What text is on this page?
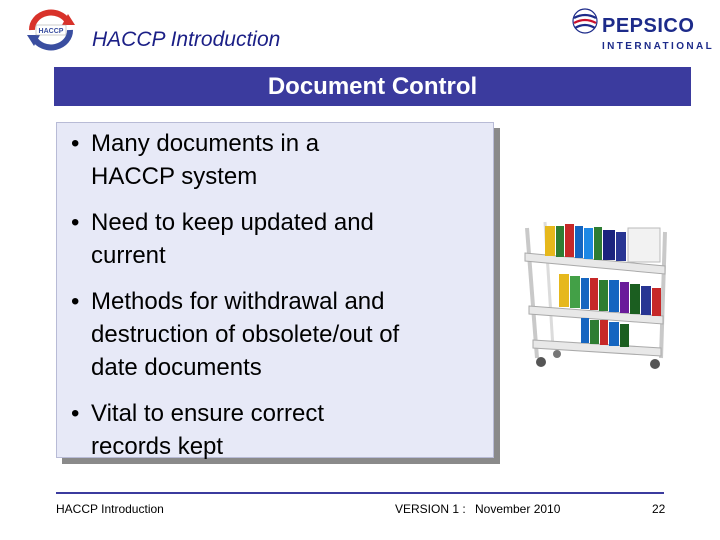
HACCP HACCP Introduction
PEPSICO
INTERNATIONAL
Document Control
• Many documents in a
HACCP system
• Need to keep updated and
current
• Methods for withdrawal and
destruction of obsolete/out of
date documents
• Vital to ensure correct
records kept
HACCP Introduction	VERSION 1 : November 2010	22
